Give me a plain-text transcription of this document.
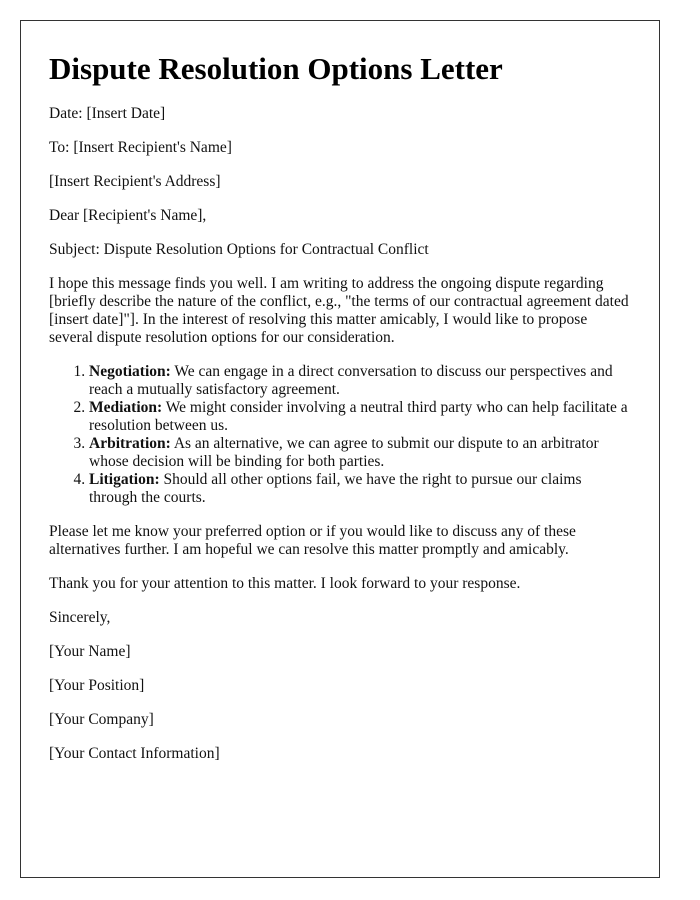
Dispute Resolution Options Letter

Date: [Insert Date]

To: [Insert Recipient's Name]

[Insert Recipient's Address]

Dear [Recipient's Name],

Subject: Dispute Resolution Options for Contractual Conflict

I hope this message finds you well. I am writing to address the ongoing dispute regarding [briefly describe the nature of the conflict, e.g., "the terms of our contractual agreement dated [insert date]"]. In the interest of resolving this matter amicably, I would like to propose several dispute resolution options for our consideration.

1. Negotiation: We can engage in a direct conversation to discuss our perspectives and reach a mutually satisfactory agreement.
2. Mediation: We might consider involving a neutral third party who can help facilitate a resolution between us.
3. Arbitration: As an alternative, we can agree to submit our dispute to an arbitrator whose decision will be binding for both parties.
4. Litigation: Should all other options fail, we have the right to pursue our claims through the courts.

Please let me know your preferred option or if you would like to discuss any of these alternatives further. I am hopeful we can resolve this matter promptly and amicably.

Thank you for your attention to this matter. I look forward to your response.

Sincerely,

[Your Name]

[Your Position]

[Your Company]

[Your Contact Information]
